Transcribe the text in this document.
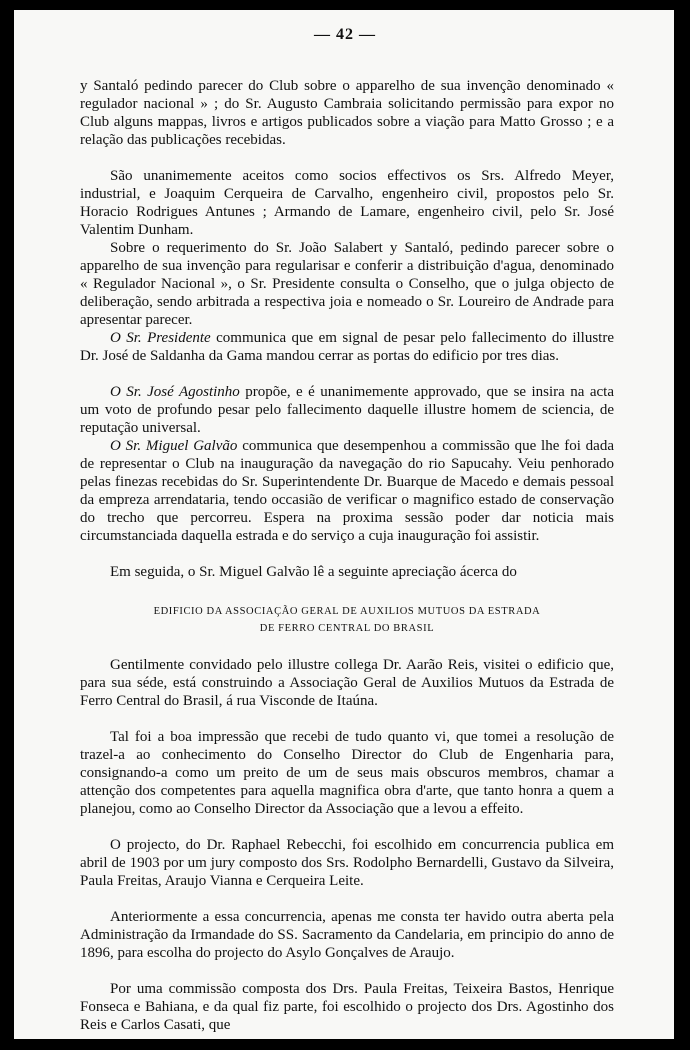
— 42 —

y Santaló pedindo parecer do Club sobre o apparelho de sua invenção denominado « regulador nacional » ; do Sr. Augusto Cambraia solicitando permissão para expor no Club alguns mappas, livros e artigos publicados sobre a viação para Matto Grosso ; e a relação das publicações recebidas.

São unanimemente aceitos como socios effectivos os Srs. Alfredo Meyer, industrial, e Joaquim Cerqueira de Carvalho, engenheiro civil, propostos pelo Sr. Horacio Rodrigues Antunes ; Armando de Lamare, engenheiro civil, pelo Sr. José Valentim Dunham.

Sobre o requerimento do Sr. João Salabert y Santaló, pedindo parecer sobre o apparelho de sua invenção para regularisar e conferir a distribuição d'agua, denominado « Regulador Nacional », o Sr. Presidente consulta o Conselho, que o julga objecto de deliberação, sendo arbitrada a respectiva joia e nomeado o Sr. Loureiro de Andrade para apresentar parecer.

O Sr. Presidente communica que em signal de pesar pelo fallecimento do illustre Dr. José de Saldanha da Gama mandou cerrar as portas do edificio por tres dias.

O Sr. José Agostinho propõe, e é unanimemente approvado, que se insira na acta um voto de profundo pesar pelo fallecimento daquelle illustre homem de sciencia, de reputação universal.

O Sr. Miguel Galvão communica que desempenhou a commissão que lhe foi dada de representar o Club na inauguração da navegação do rio Sapucahy. Veiu penhorado pelas finezas recebidas do Sr. Superintendente Dr. Buarque de Macedo e demais pessoal da empreza arrendataria, tendo occasião de verificar o magnifico estado de conservação do trecho que percorreu. Espera na proxima sessão poder dar noticia mais circumstanciada daquella estrada e do serviço a cuja inauguração foi assistir.

Em seguida, o Sr. Miguel Galvão lê a seguinte apreciação ácerca do

EDIFICIO DA ASSOCIAÇÃO GERAL DE AUXILIOS MUTUOS DA ESTRADA
DE FERRO CENTRAL DO BRASIL

Gentilmente convidado pelo illustre collega Dr. Aarão Reis, visitei o edificio que, para sua séde, está construindo a Associação Geral de Auxilios Mutuos da Estrada de Ferro Central do Brasil, á rua Visconde de Itaúna.

Tal foi a boa impressão que recebi de tudo quanto vi, que tomei a resolução de trazel-a ao conhecimento do Conselho Director do Club de Engenharia para, consignando-a como um preito de um de seus mais obscuros membros, chamar a attenção dos competentes para aquella magnifica obra d'arte, que tanto honra a quem a planejou, como ao Conselho Director da Associação que a levou a effeito.

O projecto, do Dr. Raphael Rebecchi, foi escolhido em concurrencia publica em abril de 1903 por um jury composto dos Srs. Rodolpho Bernardelli, Gustavo da Silveira, Paula Freitas, Araujo Vianna e Cerqueira Leite.

Anteriormente a essa concurrencia, apenas me consta ter havido outra aberta pela Administração da Irmandade do SS. Sacramento da Candelaria, em principio do anno de 1896, para escolha do projecto do Asylo Gonçalves de Araujo.

Por uma commissão composta dos Drs. Paula Freitas, Teixeira Bastos, Henrique Fonseca e Bahiana, e da qual fiz parte, foi escolhido o projecto dos Drs. Agostinho dos Reis e Carlos Casati, que
